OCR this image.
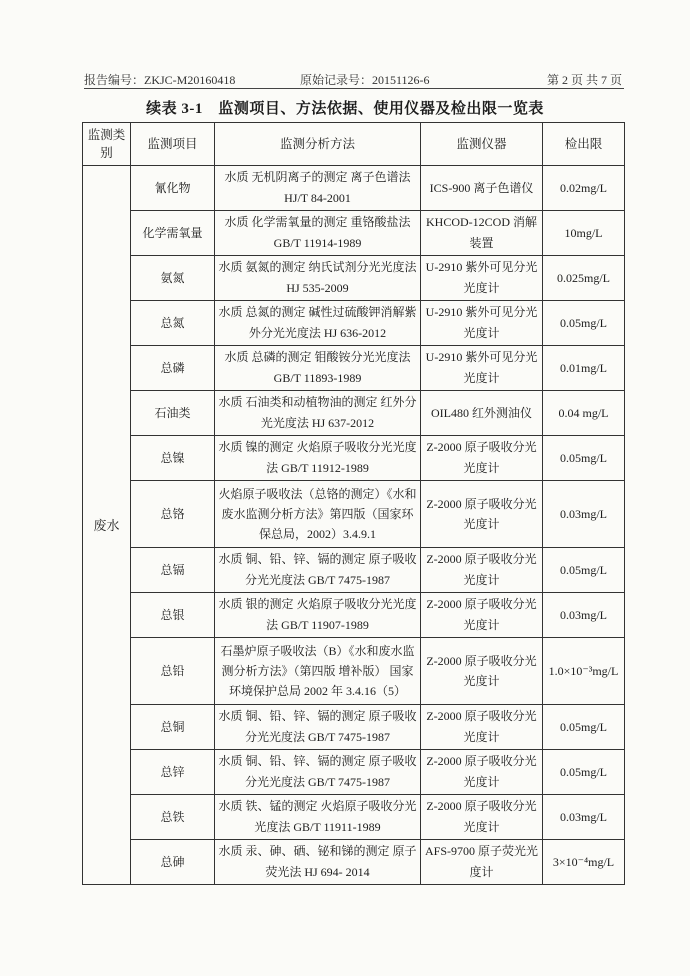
报告编号：ZKJC-M20160418	原始记录号：20151126-6	第 2 页 共 7 页
续表 3-1　监测项目、方法依据、使用仪器及检出限一览表
监测类别	监测项目	监测分析方法	监测仪器	检出限
废水	氰化物	水质 无机阴离子的测定 离子色谱法 HJ/T 84-2001	ICS-900 离子色谱仪	0.02mg/L
	化学需氧量	水质 化学需氧量的测定 重铬酸盐法 GB/T 11914-1989	KHCOD-12COD 消解装置	10mg/L
	氨氮	水质 氨氮的测定 纳氏试剂分光光度法 HJ 535-2009	U-2910 紫外可见分光光度计	0.025mg/L
	总氮	水质 总氮的测定 碱性过硫酸钾消解紫外分光光度法 HJ 636-2012	U-2910 紫外可见分光光度计	0.05mg/L
	总磷	水质 总磷的测定 钼酸铵分光光度法 GB/T 11893-1989	U-2910 紫外可见分光光度计	0.01mg/L
	石油类	水质 石油类和动植物油的测定 红外分光光度法 HJ 637-2012	OIL480 红外测油仪	0.04 mg/L
	总镍	水质 镍的测定 火焰原子吸收分光光度法 GB/T 11912-1989	Z-2000 原子吸收分光光度计	0.05mg/L
	总铬	火焰原子吸收法（总铬的测定）《水和废水监测分析方法》第四版（国家环保总局，2002）3.4.9.1	Z-2000 原子吸收分光光度计	0.03mg/L
	总镉	水质 铜、铅、锌、镉的测定 原子吸收分光光度法 GB/T 7475-1987	Z-2000 原子吸收分光光度计	0.05mg/L
	总银	水质 银的测定 火焰原子吸收分光光度法 GB/T 11907-1989	Z-2000 原子吸收分光光度计	0.03mg/L
	总铅	石墨炉原子吸收法（B）《水和废水监测分析方法》（第四版 增补版） 国家环境保护总局 2002 年 3.4.16（5）	Z-2000 原子吸收分光光度计	1.0×10⁻³mg/L
	总铜	水质 铜、铅、锌、镉的测定 原子吸收分光光度法 GB/T 7475-1987	Z-2000 原子吸收分光光度计	0.05mg/L
	总锌	水质 铜、铅、锌、镉的测定 原子吸收分光光度法 GB/T 7475-1987	Z-2000 原子吸收分光光度计	0.05mg/L
	总铁	水质 铁、锰的测定 火焰原子吸收分光光度法 GB/T 11911-1989	Z-2000 原子吸收分光光度计	0.03mg/L
	总砷	水质 汞、砷、硒、铋和锑的测定 原子荧光法 HJ 694- 2014	AFS-9700 原子荧光光度计	3×10⁻⁴mg/L
